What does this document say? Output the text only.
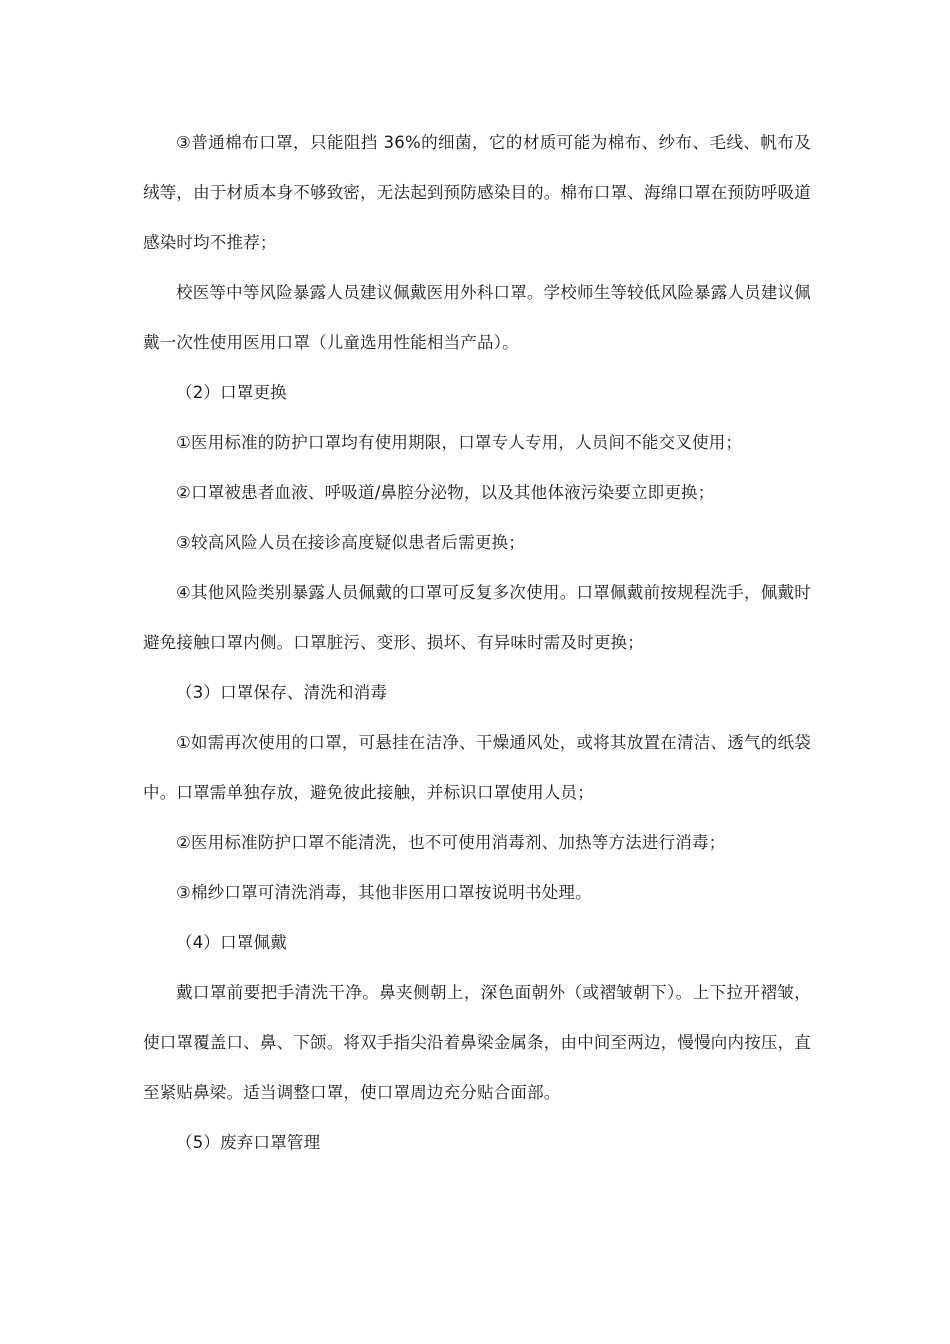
③普通棉布口罩，只能阻挡 36%的细菌，它的材质可能为棉布、纱布、毛线、帆布及绒等，由于材质本身不够致密，无法起到预防感染目的。棉布口罩、海绵口罩在预防呼吸道感染时均不推荐；

校医等中等风险暴露人员建议佩戴医用外科口罩。学校师生等较低风险暴露人员建议佩戴一次性使用医用口罩（儿童选用性能相当产品）。

（2）口罩更换

①医用标准的防护口罩均有使用期限，口罩专人专用，人员间不能交叉使用；

②口罩被患者血液、呼吸道/鼻腔分泌物，以及其他体液污染要立即更换；

③较高风险人员在接诊高度疑似患者后需更换；

④其他风险类别暴露人员佩戴的口罩可反复多次使用。口罩佩戴前按规程洗手，佩戴时避免接触口罩内侧。口罩脏污、变形、损坏、有异味时需及时更换；

（3）口罩保存、清洗和消毒

①如需再次使用的口罩，可悬挂在洁净、干燥通风处，或将其放置在清洁、透气的纸袋中。口罩需单独存放，避免彼此接触，并标识口罩使用人员；

②医用标准防护口罩不能清洗，也不可使用消毒剂、加热等方法进行消毒；

③棉纱口罩可清洗消毒，其他非医用口罩按说明书处理。

（4）口罩佩戴

戴口罩前要把手清洗干净。鼻夹侧朝上，深色面朝外（或褶皱朝下）。上下拉开褶皱，使口罩覆盖口、鼻、下颌。将双手指尖沿着鼻梁金属条，由中间至两边，慢慢向内按压，直至紧贴鼻梁。适当调整口罩，使口罩周边充分贴合面部。

（5）废弃口罩管理
